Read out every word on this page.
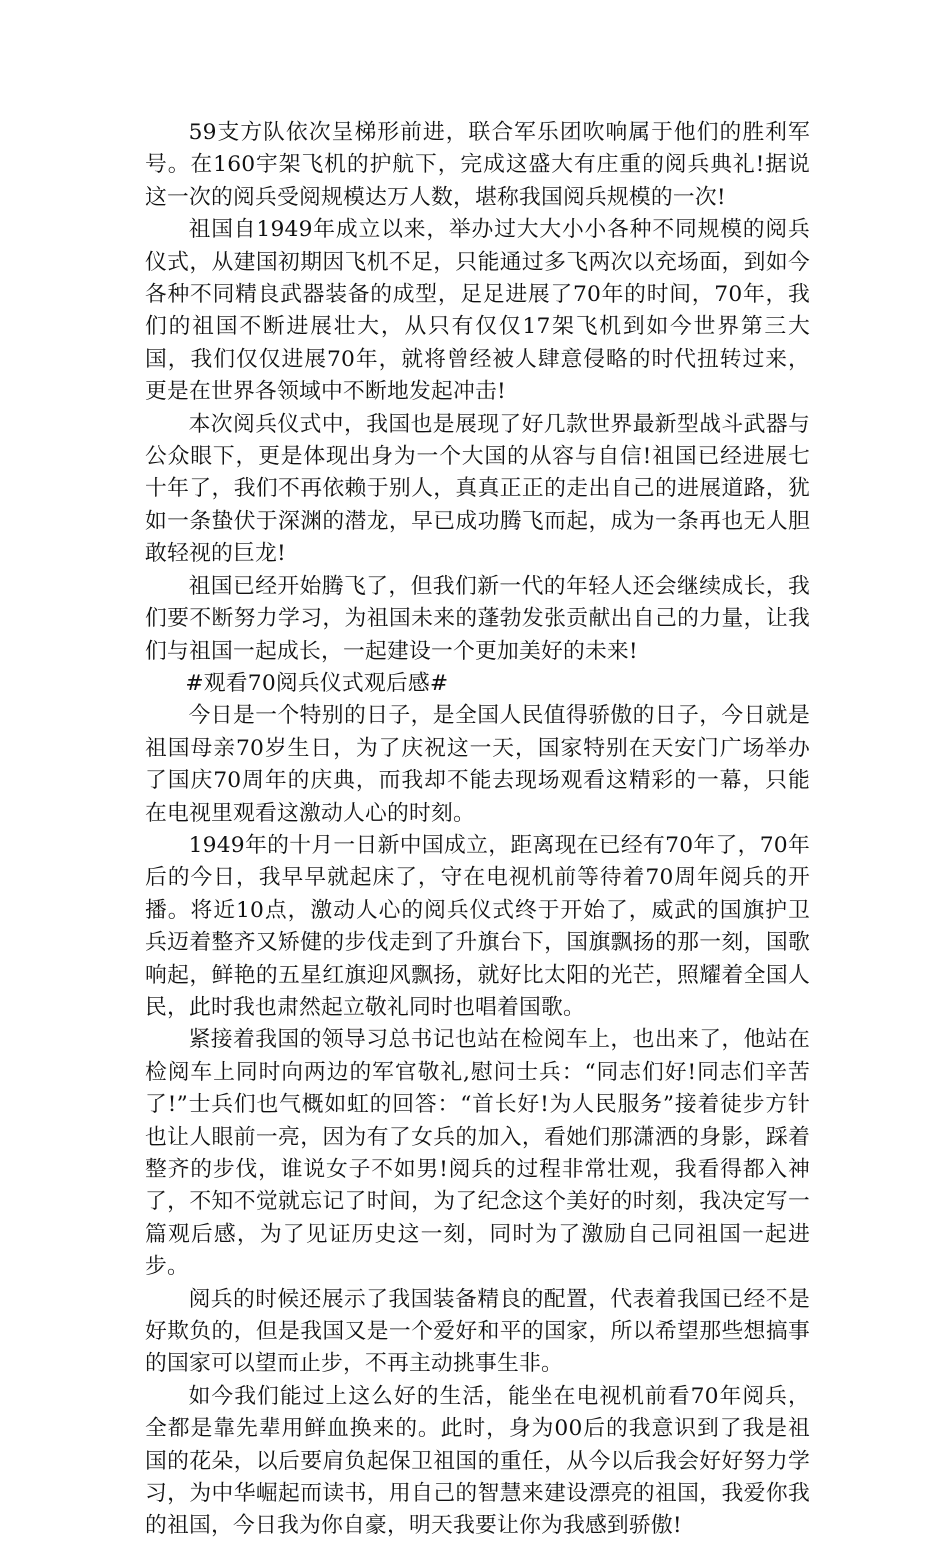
59支方队依次呈梯形前进，联合军乐团吹响属于他们的胜利军号。在160宇架飞机的护航下，完成这盛大有庄重的阅兵典礼!据说这一次的阅兵受阅规模达万人数，堪称我国阅兵规模的一次!

祖国自1949年成立以来，举办过大大小小各种不同规模的阅兵仪式，从建国初期因飞机不足，只能通过多飞两次以充场面，到如今各种不同精良武器装备的成型，足足进展了70年的时间，70年，我们的祖国不断进展壮大，从只有仅仅17架飞机到如今世界第三大国，我们仅仅进展70年，就将曾经被人肆意侵略的时代扭转过来，更是在世界各领域中不断地发起冲击!

本次阅兵仪式中，我国也是展现了好几款世界最新型战斗武器与公众眼下，更是体现出身为一个大国的从容与自信!祖国已经进展七十年了，我们不再依赖于别人，真真正正的走出自己的进展道路，犹如一条蛰伏于深渊的潜龙，早已成功腾飞而起，成为一条再也无人胆敢轻视的巨龙!

祖国已经开始腾飞了，但我们新一代的年轻人还会继续成长，我们要不断努力学习，为祖国未来的蓬勃发张贡献出自己的力量，让我们与祖国一起成长，一起建设一个更加美好的未来!

#观看70阅兵仪式观后感#

今日是一个特别的日子，是全国人民值得骄傲的日子，今日就是祖国母亲70岁生日，为了庆祝这一天，国家特别在天安门广场举办了国庆70周年的庆典，而我却不能去现场观看这精彩的一幕，只能在电视里观看这激动人心的时刻。

1949年的十月一日新中国成立，距离现在已经有70年了，70年后的今日，我早早就起床了，守在电视机前等待着70周年阅兵的开播。将近10点，激动人心的阅兵仪式终于开始了，威武的国旗护卫兵迈着整齐又矫健的步伐走到了升旗台下，国旗飘扬的那一刻，国歌响起，鲜艳的五星红旗迎风飘扬，就好比太阳的光芒，照耀着全国人民，此时我也肃然起立敬礼同时也唱着国歌。

紧接着我国的领导习总书记也站在检阅车上，也出来了，他站在检阅车上同时向两边的军官敬礼,慰问士兵：“同志们好!同志们辛苦了!”士兵们也气概如虹的回答：“首长好!为人民服务”接着徒步方针也让人眼前一亮，因为有了女兵的加入，看她们那潇洒的身影，踩着整齐的步伐，谁说女子不如男!阅兵的过程非常壮观，我看得都入神了，不知不觉就忘记了时间，为了纪念这个美好的时刻，我决定写一篇观后感，为了见证历史这一刻，同时为了激励自己同祖国一起进步。

阅兵的时候还展示了我国装备精良的配置，代表着我国已经不是好欺负的，但是我国又是一个爱好和平的国家，所以希望那些想搞事的国家可以望而止步，不再主动挑事生非。

如今我们能过上这么好的生活，能坐在电视机前看70年阅兵，全都是靠先辈用鲜血换来的。此时，身为00后的我意识到了我是祖国的花朵，以后要肩负起保卫祖国的重任，从今以后我会好好努力学习，为中华崛起而读书，用自己的智慧来建设漂亮的祖国，我爱你我的祖国，今日我为你自豪，明天我要让你为我感到骄傲!
